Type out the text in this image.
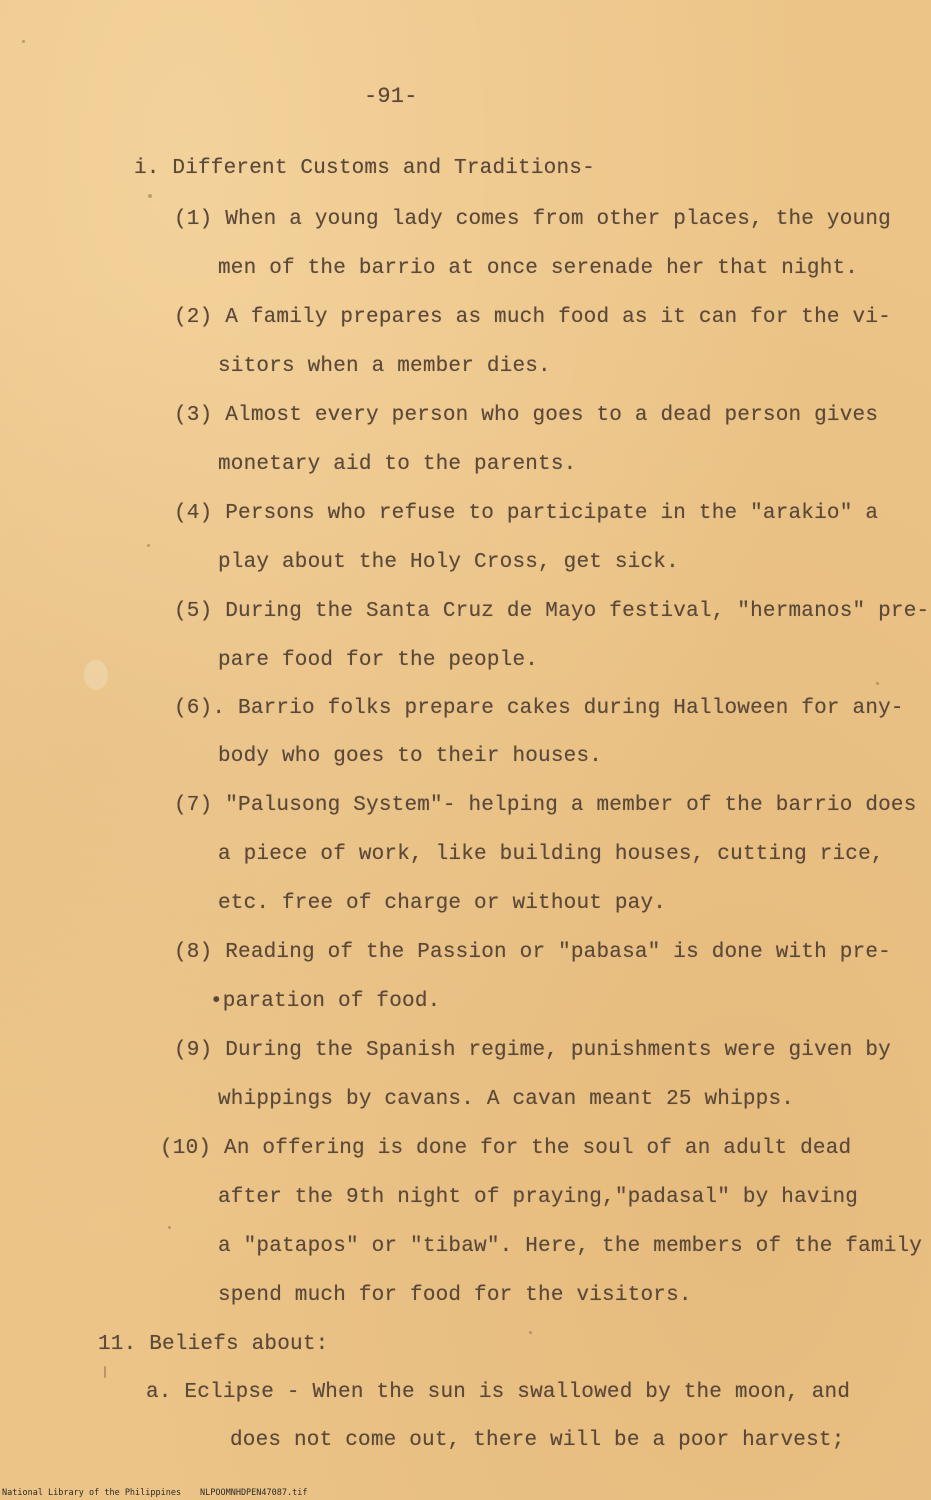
-91-
i. Different Customs and Traditions-
(1) When a young lady comes from other places, the young
men of the barrio at once serenade her that night.
(2) A family prepares as much food as it can for the vi-
sitors when a member dies.
(3) Almost every person who goes to a dead person gives
monetary aid to the parents.
(4) Persons who refuse to participate in the "arakio" a
play about the Holy Cross, get sick.
(5) During the Santa Cruz de Mayo festival, "hermanos" pre-
pare food for the people.
(6). Barrio folks prepare cakes during Halloween for any-
body who goes to their houses.
(7) "Palusong System"- helping a member of the barrio does
a piece of work, like building houses, cutting rice,
etc. free of charge or without pay.
(8) Reading of the Passion or "pabasa" is done with pre-
•paration of food.
(9) During the Spanish regime, punishments were given by
whippings by cavans. A cavan meant 25 whipps.
(10) An offering is done for the soul of an adult dead
after the 9th night of praying,"padasal" by having
a "patapos" or "tibaw". Here, the members of the family
spend much for food for the visitors.
11. Beliefs about:
a. Eclipse - When the sun is swallowed by the moon, and
does not come out, there will be a poor harvest;
National Library of the Philippines NLPOOMNHDPEN47087.tif
